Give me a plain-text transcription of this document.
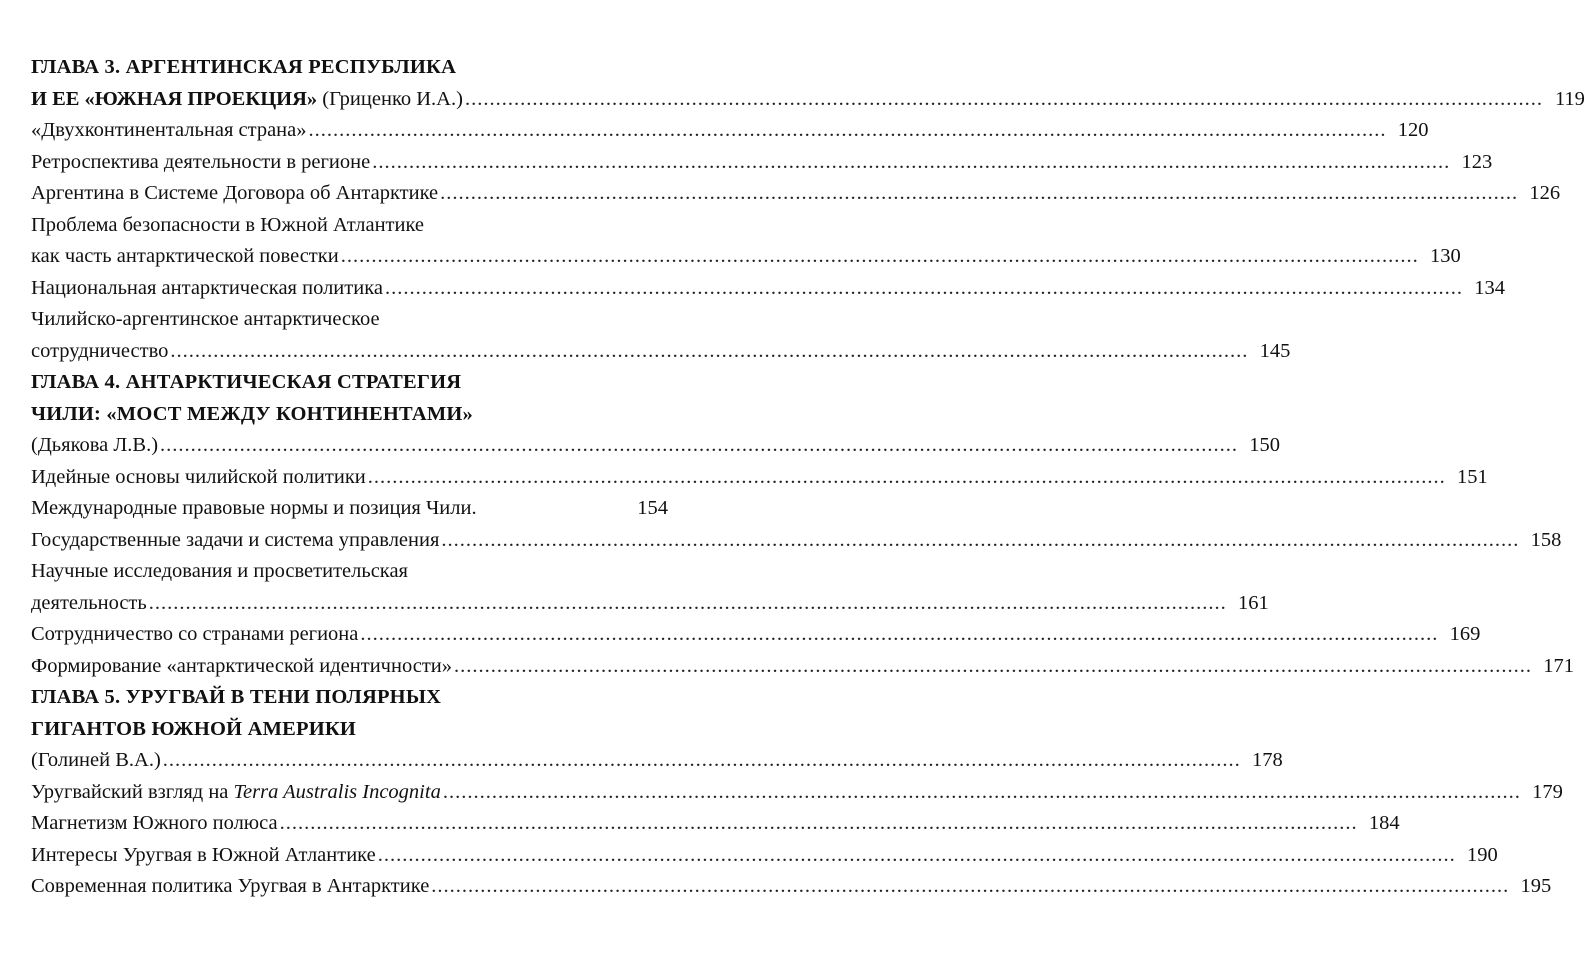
ГЛАВА 3. АРГЕНТИНСКАЯ РЕСПУБЛИКА
И ЕЕ «ЮЖНАЯ ПРОЕКЦИЯ» (Гриценко И.А.) ................................................................................................................................................................................ 119
«Двухконтинентальная страна» ................................................................................................................................................................................ 120
Ретроспектива деятельности в регионе ................................................................................................................................................................................ 123
Аргентина в Системе Договора об Антарктике ................................................................................................................................................................................ 126
Проблема безопасности в Южной Атлантике
как часть антарктической повестки ................................................................................................................................................................................ 130
Национальная антарктическая политика ................................................................................................................................................................................ 134
Чилийско-аргентинское антарктическое
сотрудничество ................................................................................................................................................................................ 145
ГЛАВА 4. АНТАРКТИЧЕСКАЯ СТРАТЕГИЯ
ЧИЛИ: «МОСТ МЕЖДУ КОНТИНЕНТАМИ»
(Дьякова Л.В.) ................................................................................................................................................................................ 150
Идейные основы чилийской политики ................................................................................................................................................................................ 151
Международные правовые нормы и позиция Чили.	154
Государственные задачи и система управления ................................................................................................................................................................................ 158
Научные исследования и просветительская
деятельность ................................................................................................................................................................................ 161
Сотрудничество со странами региона ................................................................................................................................................................................ 169
Формирование «антарктической идентичности» ................................................................................................................................................................................ 171
ГЛАВА 5. УРУГВАЙ В ТЕНИ ПОЛЯРНЫХ
ГИГАНТОВ ЮЖНОЙ АМЕРИКИ
(Голиней В.А.) ................................................................................................................................................................................ 178
Уругвайский взгляд на Terra Australis Incognita ................................................................................................................................................................................ 179
Магнетизм Южного полюса ................................................................................................................................................................................ 184
Интересы Уругвая в Южной Атлантике ................................................................................................................................................................................ 190
Современная политика Уругвая в Антарктике ................................................................................................................................................................................ 195
